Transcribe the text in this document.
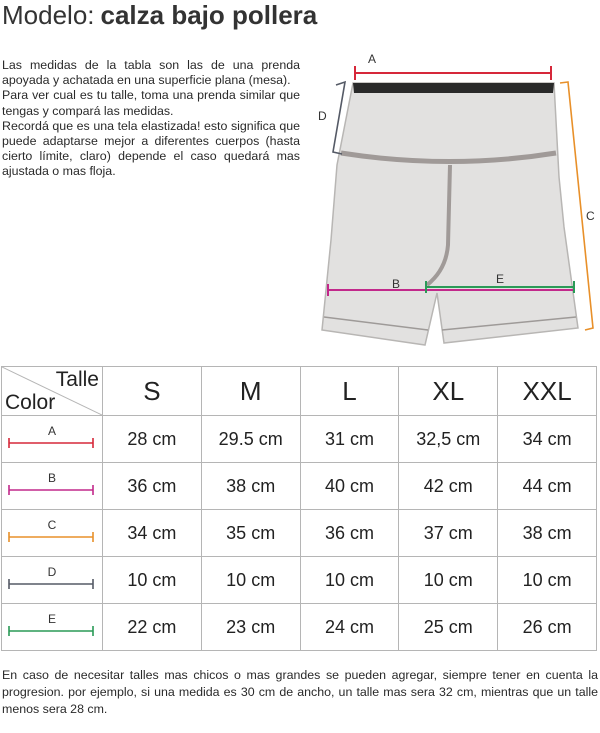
Modelo: calza bajo pollera

Las medidas de la tabla son las de una prenda apoyada y achatada en una superficie plana (mesa).

Para ver cual es tu talle, toma una prenda similar que tengas y compará las medidas.

Recordá que es una tela elastizada! esto significa que puede adaptarse mejor a diferentes cuerpos (hasta cierto límite, claro) depende el caso quedará mas ajustada o mas floja.

A
D
C
B	E
Talle
Color	S	M	L	XL	XXL

A	28 cm	29.5 cm	31 cm	32,5 cm	34 cm

B	36 cm	38 cm	40 cm	42 cm	44 cm

C	34 cm	35 cm	36 cm	37 cm	38 cm

D	10 cm	10 cm	10 cm	10 cm	10 cm

E	22 cm	23 cm	24 cm	25 cm	26 cm
En caso de necesitar talles mas chicos o mas grandes se pueden agregar, siempre tener en cuenta la progresion. por ejemplo, si una medida es 30 cm de ancho, un talle mas sera 32 cm, mientras que un talle menos sera 28 cm.
